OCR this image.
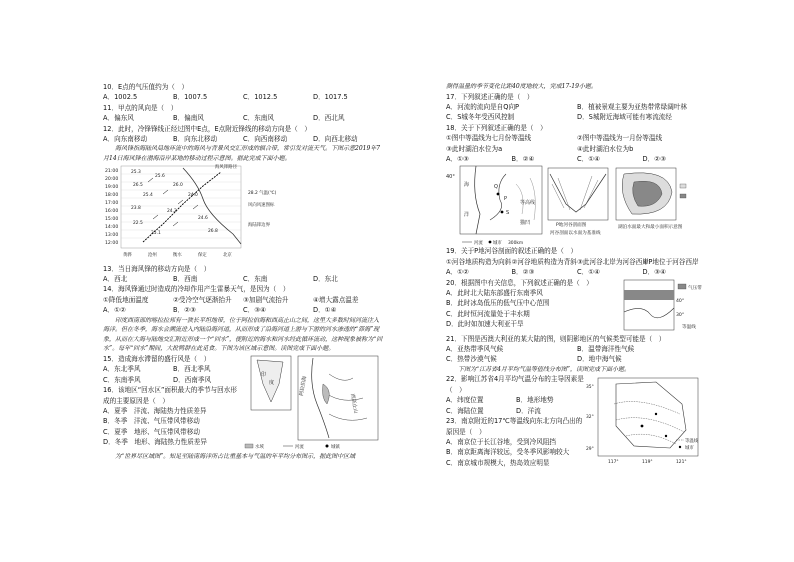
10．E点的气压值约为（　）
A．1002.5	B．1007.5	C．1012.5	D．1017.5
11．甲点的风向是（　）
A．偏东风	B．偏南风	C．东南风	D．西北风
12．此时，冷锋锋线正经过图中E点，E点附近锋线的移动方向是（　）
A．向东南移动	B．向东北移动	C．向西南移动	D．向西北移动
海风锋指海陆风局地环流中的海风与背景风交汇形成的辐合带，常引发对流天气。下图示意2019年7月14日海风锋在渤海沿岸某地的移动过程示意图。据此完成下面小题。
21:00
20:00
19:00
18:00
17:00
16:00
15:00
14:00
13:00
12:00
25.3
25.6
26.5	26.0
25.4	24.0
23.8
24.2
22.5
24.6
25.1	26.8
海风锋路径
28.2 气温(℃)
风向风速图标
海陆锋边界
黄骅	沧州	衡水	保定	北京
13．当日海风锋的移动方向是（　）
A．西北	B．西南	C．东南	D．东北
14．海风锋通过时造成的冷却作用产生雷暴天气，是因为（　）
①降低地面温度	②受冷空气逐渐抬升	③加剧气流抬升	④增大露点温差
A．①②	B．②③	C．③④	D．①④
印度西南部的喀拉拉邦有一狭长平坦地带，位于阿拉伯海和西高止山之间，这里大多数时间河流注入海洋。但在冬季，海水会溯流进入内陆沿海河道，从而形成了沿海河道上游与下游的河水渗透的“滞海”现象，从而在大海与陆地交汇附近形成一个“回水”，使附近的海水和河水经此循环流动，这种现象被称为“回水”。每年“回水”期间，大批鸭群在此觅食。下图为该区域示意图。读图完成下面小题。
15．造成海水滞留的盛行风是（　）
A．东北季风	B．西北季风
C．东南季风	D．西南季风
16．该地区“回水区”面积最大的季节与回水形成的主要原因是（　）
A．夏季　洋流、海陆热力性质差异
B．冬季　洋流、气压带风带移动
C．夏季　地形、气压带风带移动
D．冬季　地形、海陆热力性质差异
印
度	阿拉伯海
西高止山
水域	河流	城镇
为“世界尽区域图”。知足至陆南海洋所占比重基本与气温的年平均分布图示，据此图中区域
测得温量的季节变化比距40度地较大，完成17-19小题。
17．下列叙述正确的是（　）
A．河流的流向是自Q向P	B．植被景观主要为亚热带常绿阔叶林
C．S城冬年受西风控制	D．S城附近海域可能有寒流流经
18．关于下列叙述正确的是（　）
①图中等温线为七月份等温线	②图中等温线为一月份等温线
③此时湖泊水位为a	④此时湖泊水位为b
A．①③	B．②④	C．①④	D．②③
40°
海
洋
Q
P
S
等高线
猫凹
河流 城市 300km
P地河谷剖面图
河谷剖面以水面为基准线
湖泊水面最大和最小面积示意图
19．关于P地河谷剖面的叙述正确的是（　）
①河谷地质构造为向斜 ②河谷地质构造为背斜 ③此河谷北岸为河谷西岸
④P地位于河谷西岸
A．①②	B．②③	C．①④	D．③④
20．根据图中有关信息，下列叙述正确的是（　）
A．此时北大陆东部盛行东南季风
B．此时冰岛低压的低气压中心范围
C．此时恒河流量处于丰水期
D．此时如加速大利亚干旱
气压带
40°
30°
等温线
21．下图是西澳大利亚的某大陆的图，则阴影地区的气候类型可能是（　）
A．亚热带季风气候	B．温带海洋性气候
C．热带沙漠气候	D．地中海气候
下图为“江苏省4月平均气温等值线分布图”，读图完成下面小题。
22．影响江苏省4月平均气温分布的主导因素是（　）
A．纬度位置	B．地形地势
C．海陆位置	D．洋流
23．南京附近的17℃等温线向东北方向凸出的原因是（　）
A．南京位于长江谷地，受到冷风阻挡
B．南京距离海洋较远，受冬季风影响较大
C．南京城市规模大，热岛效应明显
35°
32°
29°
117°	119°	121°
等温线
城市
